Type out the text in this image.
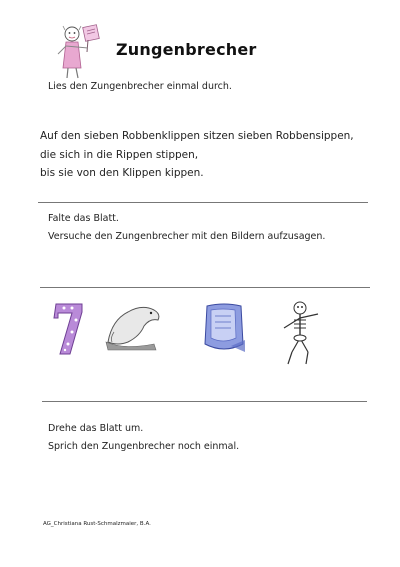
Zungenbrecher
Lies den Zungenbrecher einmal durch.
Auf den sieben Robbenklippen sitzen sieben Robbensippen,
die sich in die Rippen stippen,
bis sie von den Klippen kippen.
Falte das Blatt.
Versuche den Zungenbrecher mit den Bildern aufzusagen.
Drehe das Blatt um.
Sprich den Zungenbrecher noch einmal.
AG_Christiana Rust-Schmalzmaier, B.A.
